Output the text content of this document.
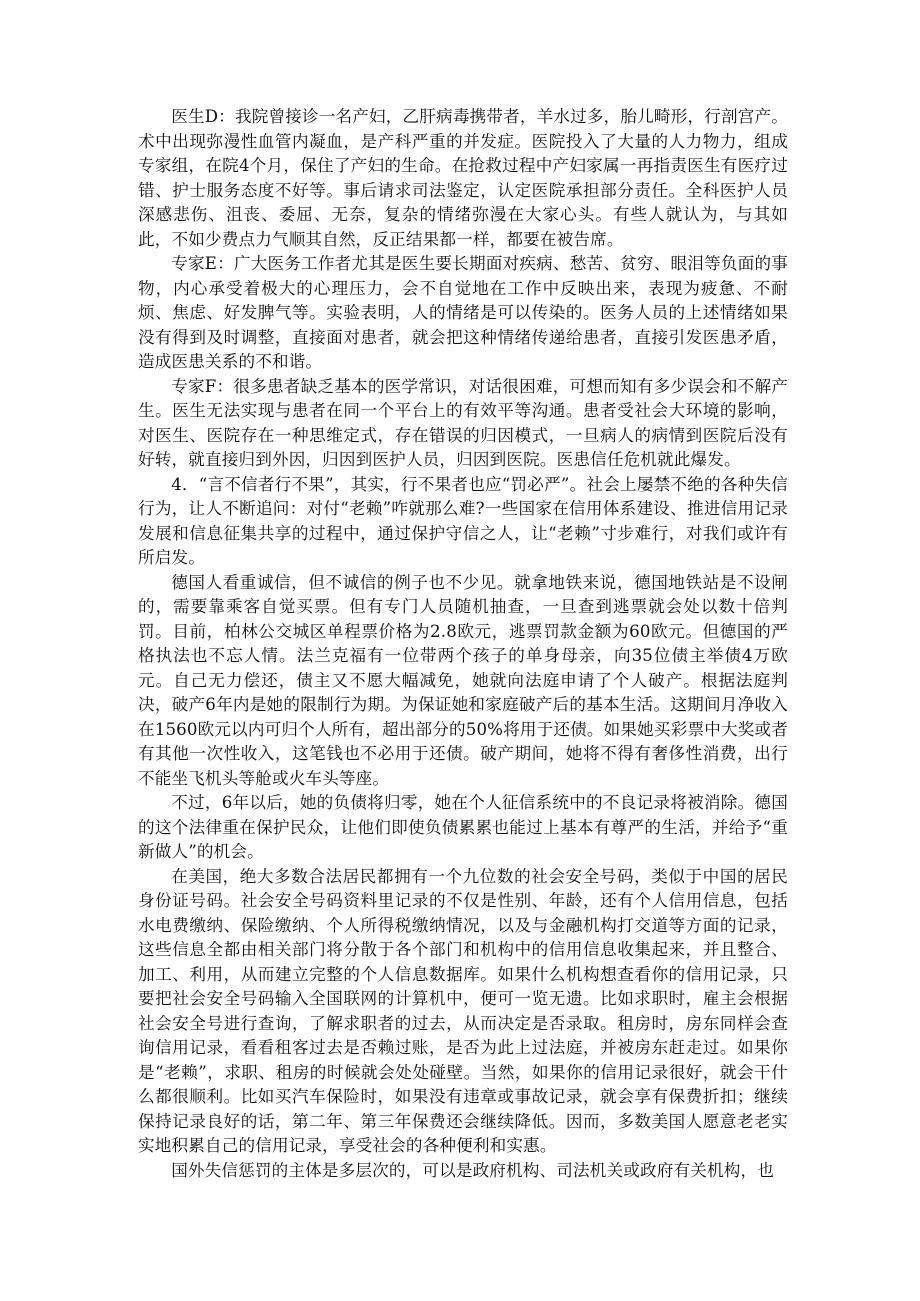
医生D：我院曾接诊一名产妇，乙肝病毒携带者，羊水过多，胎儿畸形，行剖宫产。术中出现弥漫性血管内凝血，是产科严重的并发症。医院投入了大量的人力物力，组成专家组，在院4个月，保住了产妇的生命。在抢救过程中产妇家属一再指责医生有医疗过错、护士服务态度不好等。事后请求司法鉴定，认定医院承担部分责任。全科医护人员深感悲伤、沮丧、委屈、无奈，复杂的情绪弥漫在大家心头。有些人就认为，与其如此，不如少费点力气顺其自然，反正结果都一样，都要在被告席。

专家E：广大医务工作者尤其是医生要长期面对疾病、愁苦、贫穷、眼泪等负面的事物，内心承受着极大的心理压力，会不自觉地在工作中反映出来，表现为疲惫、不耐烦、焦虑、好发脾气等。实验表明，人的情绪是可以传染的。医务人员的上述情绪如果没有得到及时调整，直接面对患者，就会把这种情绪传递给患者，直接引发医患矛盾，造成医患关系的不和谐。

专家F：很多患者缺乏基本的医学常识，对话很困难，可想而知有多少误会和不解产生。医生无法实现与患者在同一个平台上的有效平等沟通。患者受社会大环境的影响，对医生、医院存在一种思维定式，存在错误的归因模式，一旦病人的病情到医院后没有好转，就直接归到外因，归因到医护人员，归因到医院。医患信任危机就此爆发。

4．“言不信者行不果”，其实，行不果者也应“罚必严”。社会上屡禁不绝的各种失信行为，让人不断追问：对付“老赖”咋就那么难?一些国家在信用体系建设、推进信用记录发展和信息征集共享的过程中，通过保护守信之人，让“老赖”寸步难行，对我们或许有所启发。

德国人看重诚信，但不诚信的例子也不少见。就拿地铁来说，德国地铁站是不设闸的，需要靠乘客自觉买票。但有专门人员随机抽查，一旦查到逃票就会处以数十倍判罚。目前，柏林公交城区单程票价格为2.8欧元，逃票罚款金额为60欧元。但德国的严格执法也不忘人情。法兰克福有一位带两个孩子的单身母亲，向35位债主举债4万欧元。自己无力偿还，债主又不愿大幅减免，她就向法庭申请了个人破产。根据法庭判决，破产6年内是她的限制行为期。为保证她和家庭破产后的基本生活。这期间月净收入在1560欧元以内可归个人所有，超出部分的50%将用于还债。如果她买彩票中大奖或者有其他一次性收入，这笔钱也不必用于还债。破产期间，她将不得有奢侈性消费，出行不能坐飞机头等舱或火车头等座。

不过，6年以后，她的负债将归零，她在个人征信系统中的不良记录将被消除。德国的这个法律重在保护民众，让他们即使负债累累也能过上基本有尊严的生活，并给予“重新做人”的机会。

在美国，绝大多数合法居民都拥有一个九位数的社会安全号码，类似于中国的居民身份证号码。社会安全号码资料里记录的不仅是性别、年龄，还有个人信用信息，包括水电费缴纳、保险缴纳、个人所得税缴纳情况，以及与金融机构打交道等方面的记录，这些信息全都由相关部门将分散于各个部门和机构中的信用信息收集起来，并且整合、加工、利用，从而建立完整的个人信息数据库。如果什么机构想查看你的信用记录，只要把社会安全号码输入全国联网的计算机中，便可一览无遗。比如求职时，雇主会根据社会安全号进行查询，了解求职者的过去，从而决定是否录取。租房时，房东同样会查询信用记录，看看租客过去是否赖过账，是否为此上过法庭，并被房东赶走过。如果你是“老赖”，求职、租房的时候就会处处碰壁。当然，如果你的信用记录很好，就会干什么都很顺利。比如买汽车保险时，如果没有违章或事故记录，就会享有保费折扣；继续保持记录良好的话，第二年、第三年保费还会继续降低。因而，多数美国人愿意老老实实地积累自己的信用记录，享受社会的各种便利和实惠。

国外失信惩罚的主体是多层次的，可以是政府机构、司法机关或政府有关机构，也
